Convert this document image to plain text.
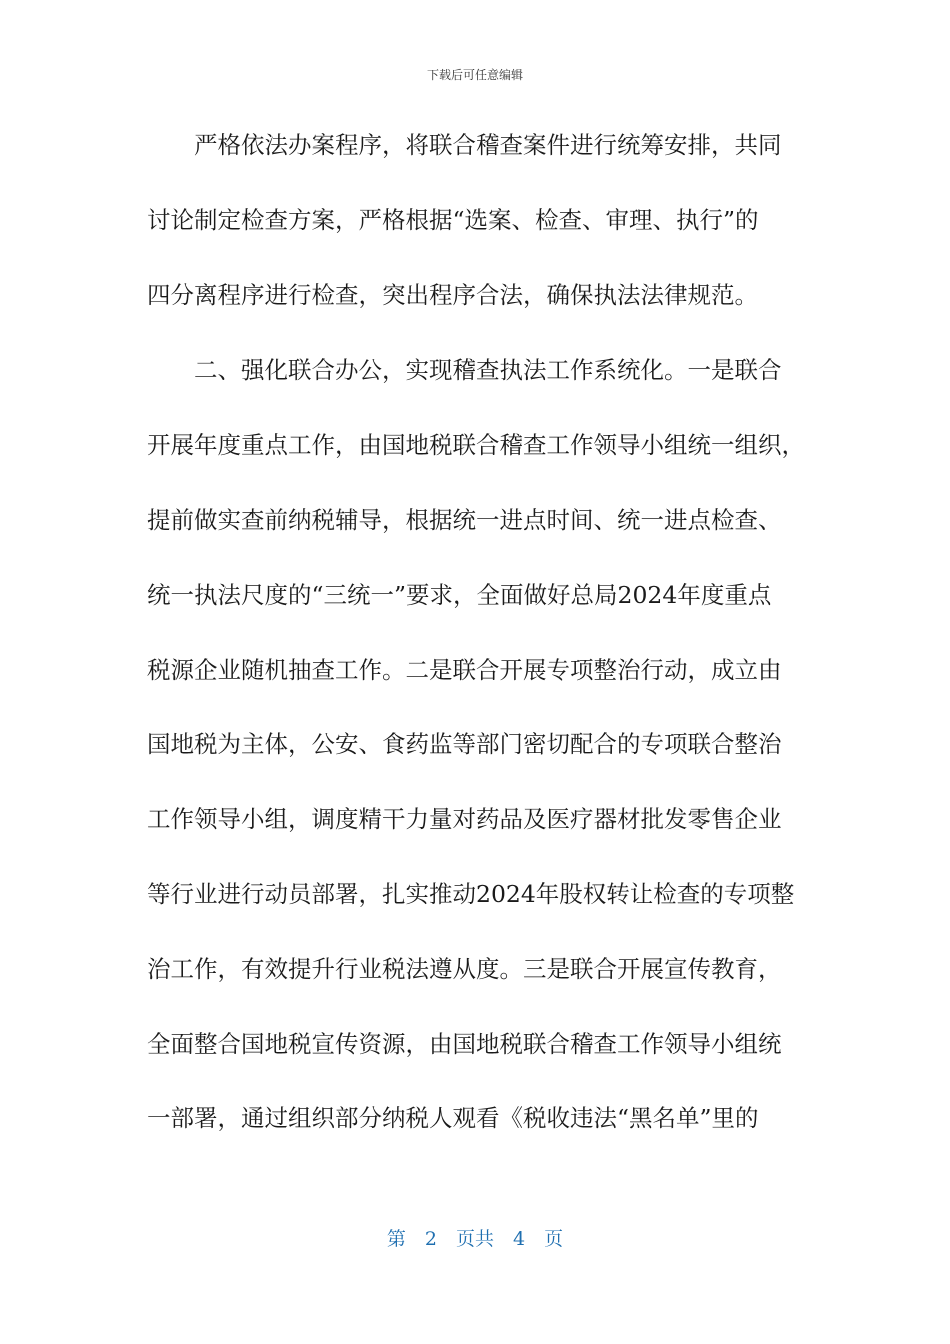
下载后可任意编辑
　　严格依法办案程序，将联合稽查案件进行统筹安排，共同
讨论制定检查方案，严格根据“选案、检查、审理、执行”的
四分离程序进行检查，突出程序合法，确保执法法律规范。
　　二、强化联合办公，实现稽查执法工作系统化。一是联合
开展年度重点工作，由国地税联合稽查工作领导小组统一组织，
提前做实查前纳税辅导，根据统一进点时间、统一进点检查、
统一执法尺度的“三统一”要求，全面做好总局2024年度重点
税源企业随机抽查工作。二是联合开展专项整治行动，成立由
国地税为主体，公安、食药监等部门密切配合的专项联合整治
工作领导小组，调度精干力量对药品及医疗器材批发零售企业
等行业进行动员部署，扎实推动2024年股权转让检查的专项整
治工作，有效提升行业税法遵从度。三是联合开展宣传教育，
全面整合国地税宣传资源，由国地税联合稽查工作领导小组统
一部署，通过组织部分纳税人观看《税收违法“黑名单”里的
第　2　页共　4　页
